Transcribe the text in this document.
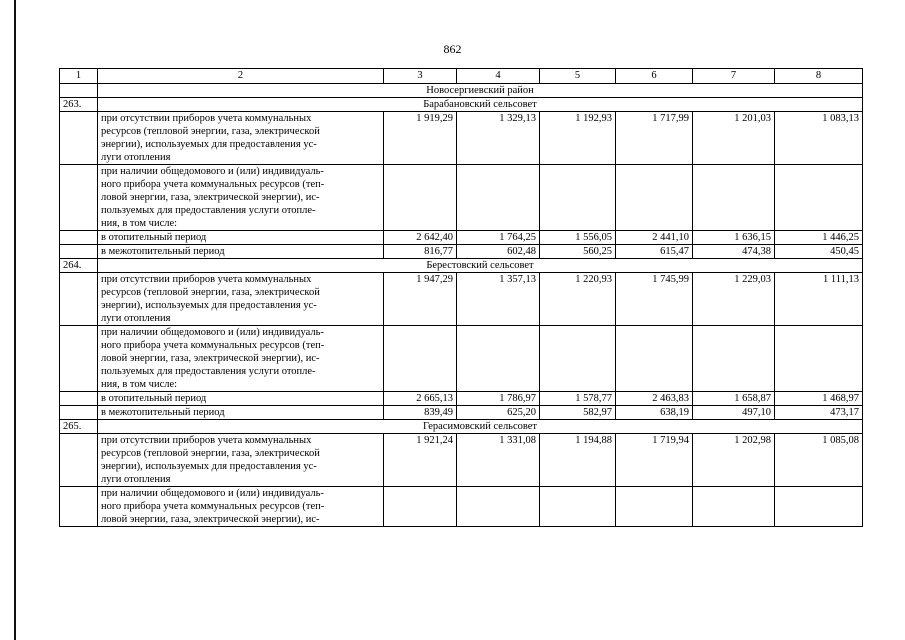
862
1	2	3	4	5	6	7	8
	Новосергиевский район						
263.	Барабановский сельсовет						

	при отсутствии приборов учета коммунальных
ресурсов (тепловой энергии, газа, электрической
энергии), используемых для предоставления ус-
луги отопления	1 919,29	1 329,13	1 192,93	1 717,99	1 201,03	1 083,13

	при наличии общедомового и (или) индивидуаль-
ного прибора учета коммунальных ресурсов (теп-
ловой энергии, газа, электрической энергии), ис-
пользуемых для предоставления услуги отопле-
ния, в том числе:						

	в отопительный период	2 642,40	1 764,25	1 556,05	2 441,10	1 636,15	1 446,25
	в межотопительный период	816,77	602,48	560,25	615,47	474,38	450,45
264.	Берестовский сельсовет						

	при отсутствии приборов учета коммунальных
ресурсов (тепловой энергии, газа, электрической
энергии), используемых для предоставления ус-
луги отопления	1 947,29	1 357,13	1 220,93	1 745,99	1 229,03	1 111,13

	при наличии общедомового и (или) индивидуаль-
ного прибора учета коммунальных ресурсов (теп-
ловой энергии, газа, электрической энергии), ис-
пользуемых для предоставления услуги отопле-
ния, в том числе:						

	в отопительный период	2 665,13	1 786,97	1 578,77	2 463,83	1 658,87	1 468,97
	в межотопительный период	839,49	625,20	582,97	638,19	497,10	473,17
265.	Герасимовский сельсовет						

	при отсутствии приборов учета коммунальных
ресурсов (тепловой энергии, газа, электрической
энергии), используемых для предоставления ус-
луги отопления	1 921,24	1 331,08	1 194,88	1 719,94	1 202,98	1 085,08

	при наличии общедомового и (или) индивидуаль-
ного прибора учета коммунальных ресурсов (теп-
ловой энергии, газа, электрической энергии), ис-						
